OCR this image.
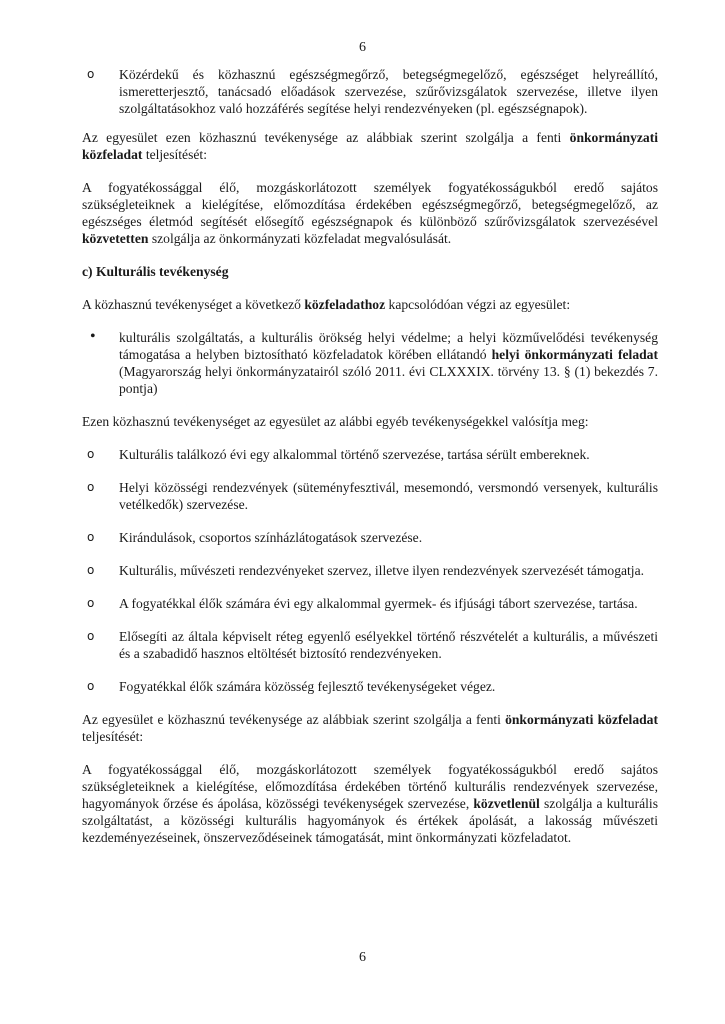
6
o Közérdekű és közhasznú egészségmegőrző, betegségmegelőző, egészséget helyreállító, ismeretterjesztő, tanácsadó előadások szervezése, szűrővizsgálatok szervezése, illetve ilyen szolgáltatásokhoz való hozzáférés segítése helyi rendezvényeken (pl. egészségnapok).

Az egyesület ezen közhasznú tevékenysége az alábbiak szerint szolgálja a fenti önkormányzati közfeladat teljesítését:

A fogyatékossággal élő, mozgáskorlátozott személyek fogyatékosságukból eredő sajátos szükségleteiknek a kielégítése, előmozdítása érdekében egészségmegőrző, betegségmegelőző, az egészséges életmód segítését elősegítő egészségnapok és különböző szűrővizsgálatok szervezésével közvetetten szolgálja az önkormányzati közfeladat megvalósulását.

c) Kulturális tevékenység

A közhasznú tevékenységet a következő közfeladathoz kapcsolódóan végzi az egyesület:

• kulturális szolgáltatás, a kulturális örökség helyi védelme; a helyi közművelődési tevékenység támogatása a helyben biztosítható közfeladatok körében ellátandó helyi önkormányzati feladat (Magyarország helyi önkormányzatairól szóló 2011. évi CLXXXIX. törvény 13. § (1) bekezdés 7. pontja)

Ezen közhasznú tevékenységet az egyesület az alábbi egyéb tevékenységekkel valósítja meg:

o Kulturális találkozó évi egy alkalommal történő szervezése, tartása sérült embereknek.
o Helyi közösségi rendezvények (süteményfesztivál, mesemondó, versmondó versenyek, kulturális vetélkedők) szervezése.
o Kirándulások, csoportos színházlátogatások szervezése.
o Kulturális, művészeti rendezvényeket szervez, illetve ilyen rendezvények szervezését támogatja.
o A fogyatékkal élők számára évi egy alkalommal gyermek- és ifjúsági tábort szervezése, tartása.
o Elősegíti az általa képviselt réteg egyenlő esélyekkel történő részvételét a kulturális, a művészeti és a szabadidő hasznos eltöltését biztosító rendezvényeken.
o Fogyatékkal élők számára közösség fejlesztő tevékenységeket végez.

Az egyesület e közhasznú tevékenysége az alábbiak szerint szolgálja a fenti önkormányzati közfeladat teljesítését:

A fogyatékossággal élő, mozgáskorlátozott személyek fogyatékosságukból eredő sajátos szükségleteiknek a kielégítése, előmozdítása érdekében történő kulturális rendezvények szervezése, hagyományok őrzése és ápolása, közösségi tevékenységek szervezése, közvetlenül szolgálja a kulturális szolgáltatást, a közösségi kulturális hagyományok és értékek ápolását, a lakosság művészeti kezdeményezéseinek, önszerveződéseinek támogatását, mint önkormányzati közfeladatot.

6
